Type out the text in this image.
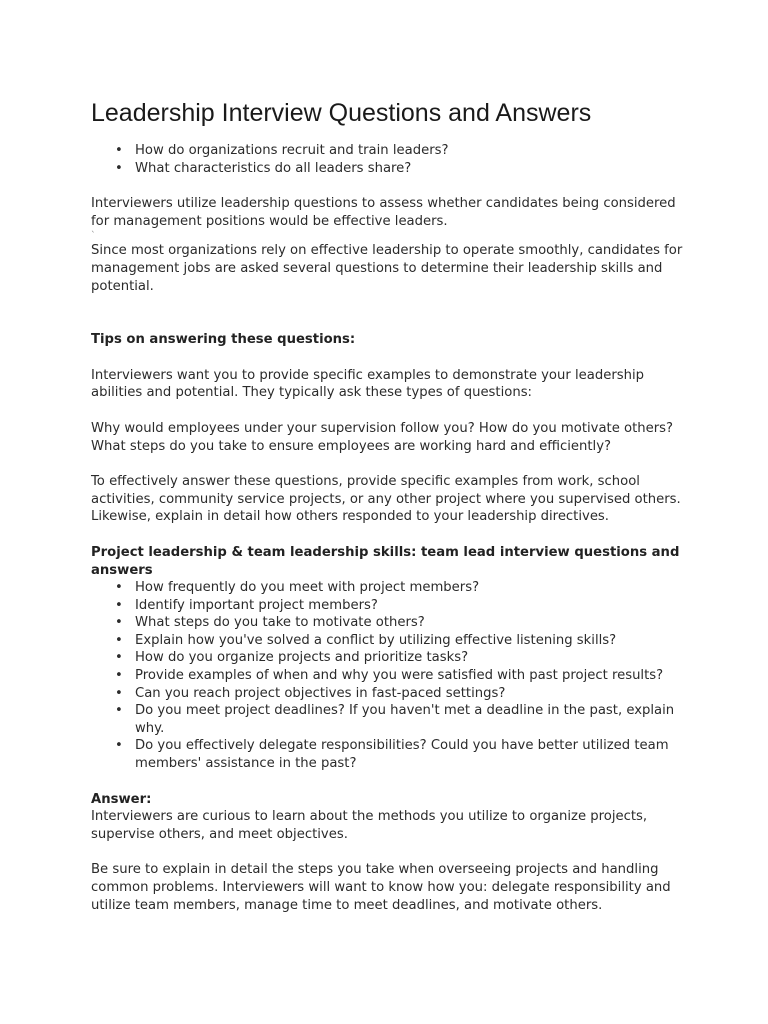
Leadership Interview Questions and Answers
• How do organizations recruit and train leaders?
• What characteristics do all leaders share?

Interviewers utilize leadership questions to assess whether candidates being considered for management positions would be effective leaders.

`

Since most organizations rely on effective leadership to operate smoothly, candidates for management jobs are asked several questions to determine their leadership skills and potential.

Tips on answering these questions:

Interviewers want you to provide specific examples to demonstrate your leadership abilities and potential. They typically ask these types of questions:

Why would employees under your supervision follow you? How do you motivate others? What steps do you take to ensure employees are working hard and efficiently?

To effectively answer these questions, provide specific examples from work, school activities, community service projects, or any other project where you supervised others. Likewise, explain in detail how others responded to your leadership directives.

Project leadership & team leadership skills: team lead interview questions and answers

• How frequently do you meet with project members?
• Identify important project members?
• What steps do you take to motivate others?
• Explain how you've solved a conflict by utilizing effective listening skills?
• How do you organize projects and prioritize tasks?
• Provide examples of when and why you were satisfied with past project results?
• Can you reach project objectives in fast-paced settings?
• Do you meet project deadlines? If you haven't met a deadline in the past, explain why.
• Do you effectively delegate responsibilities? Could you have better utilized team members' assistance in the past?

Answer:

Interviewers are curious to learn about the methods you utilize to organize projects, supervise others, and meet objectives.

Be sure to explain in detail the steps you take when overseeing projects and handling common problems. Interviewers will want to know how you: delegate responsibility and utilize team members, manage time to meet deadlines, and motivate others.
